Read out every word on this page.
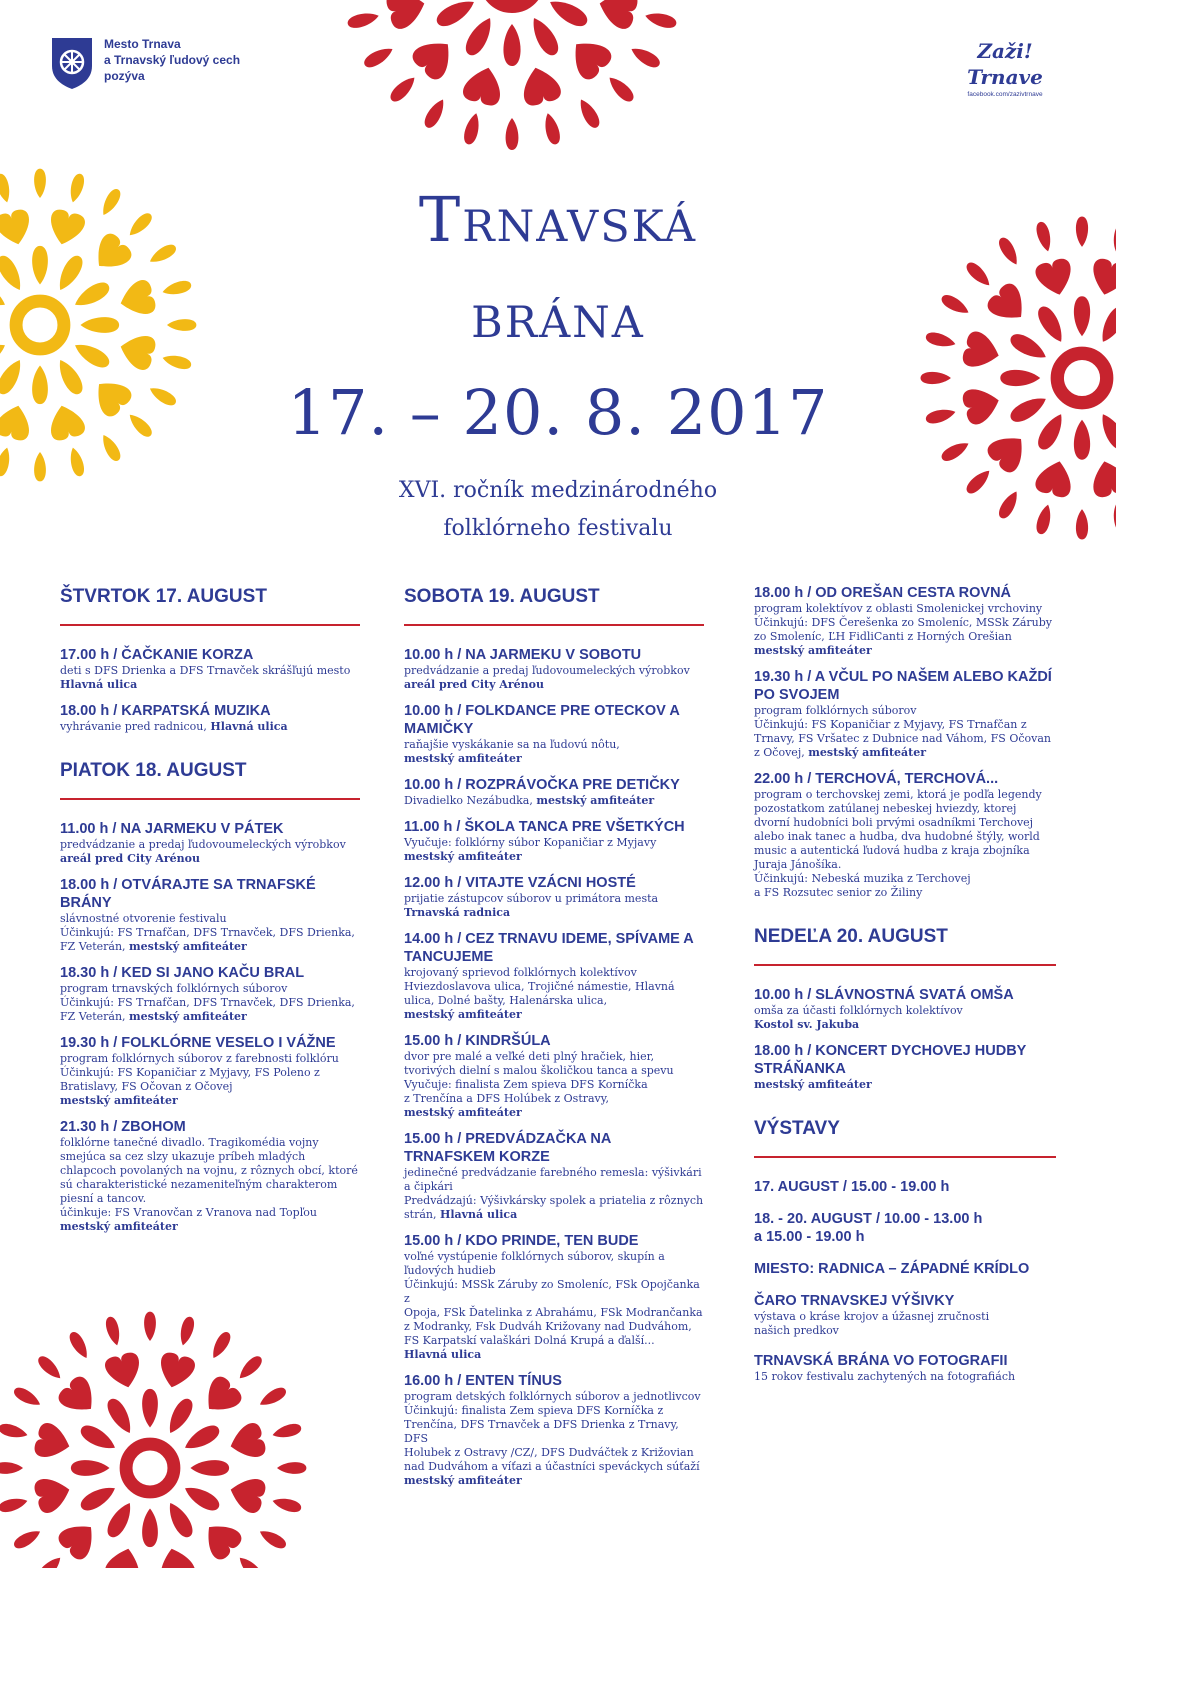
Mesto Trnava
a Trnavský ľudový cech
pozýva
Zaži!
Trnave
facebook.com/zazivtrnave
Trnavská
brána
17. – 20. 8. 2017
XVI. ročník medzinárodného
folklórneho festivalu
ŠTVRTOK 17. AUGUST
17.00 h / ČAČKANIE KORZA
deti s DFS Drienka a DFS Trnavček skrášľujú mesto
Hlavná ulica
18.00 h / KARPATSKÁ MUZIKA
vyhrávanie pred radnicou, Hlavná ulica
PIATOK 18. AUGUST
11.00 h / NA JARMEKU V PÁTEK
predvádzanie a predaj ľudovoumeleckých výrobkov
areál pred City Arénou
18.00 h / OTVÁRAJTE SA TRNAFSKÉ BRÁNY
slávnostné otvorenie festivalu
Účinkujú: FS Trnafčan, DFS Trnavček, DFS Drienka,
FZ Veterán, mestský amfiteáter
18.30 h / KED SI JANO KAČU BRAL
program trnavských folklórnych súborov
Účinkujú: FS Trnafčan, DFS Trnavček, DFS Drienka,
FZ Veterán, mestský amfiteáter
19.30 h / FOLKLÓRNE VESELO I VÁŽNE
program folklórnych súborov z farebnosti folklóru
Účinkujú: FS Kopaničiar z Myjavy, FS Poleno z
Bratislavy, FS Očovan z Očovej
mestský amfiteáter
21.30 h / ZBOHOM
folklórne tanečné divadlo. Tragikomédia vojny
smejúca sa cez slzy ukazuje príbeh mladých
chlapcoch povolaných na vojnu, z rôznych obcí, ktoré
sú charakteristické nezameniteľným charakterom
piesní a tancov.
účinkuje: FS Vranovčan z Vranova nad Topľou
mestský amfiteáter
SOBOTA 19. AUGUST
10.00 h / NA JARMEKU V SOBOTU
predvádzanie a predaj ľudovoumeleckých výrobkov
areál pred City Arénou
10.00 h / FOLKDANCE PRE OTECKOV A MAMIČKY
raňajšie vyskákanie sa na ľudovú nôtu,
mestský amfiteáter
10.00 h / ROZPRÁVOČKA PRE DETIČKY
Divadielko Nezábudka, mestský amfiteáter
11.00 h / ŠKOLA TANCA PRE VŠETKÝCH
Vyučuje: folklórny súbor Kopaničiar z Myjavy
mestský amfiteáter
12.00 h / VITAJTE VZÁCNI HOSTÉ
prijatie zástupcov súborov u primátora mesta
Trnavská radnica
14.00 h / CEZ TRNAVU IDEME, SPÍVAME A TANCUJEME
krojovaný sprievod folklórnych kolektívov
Hviezdoslavova ulica, Trojičné námestie, Hlavná
ulica, Dolné bašty, Halenárska ulica,
mestský amfiteáter
15.00 h / KINDRŠÚLA
dvor pre malé a veľké deti plný hračiek, hier,
tvorivých dielní s malou školičkou tanca a spevu
Vyučuje: finalista Zem spieva DFS Korníčka
z Trenčína a DFS Holúbek z Ostravy,
mestský amfiteáter
15.00 h / PREDVÁDZAČKA NA TRNAFSKEM KORZE
jedinečné predvádzanie farebného remesla: výšivkári
a čipkári
Predvádzajú: Výšivkársky spolek a priatelia z rôznych
strán, Hlavná ulica
15.00 h / KDO PRINDE, TEN BUDE
voľné vystúpenie folklórnych súborov, skupín a
ľudových hudieb
Účinkujú: MSSk Záruby zo Smoleníc, FSk Opojčanka z
Opoja, FSk Ďatelinka z Abrahámu, FSk Modrančanka
z Modranky, Fsk Dudváh Križovany nad Dudváhom,
FS Karpatskí valaškári Dolná Krupá a ďalší...
Hlavná ulica
16.00 h / ENTEN TÍNUS
program detských folklórnych súborov a jednotlivcov
Účinkujú: finalista Zem spieva DFS Korníčka z
Trenčína, DFS Trnavček a DFS Drienka z Trnavy, DFS
Holubek z Ostravy /CZ/, DFS Dudváčtek z Križovian
nad Dudváhom a víťazi a účastníci speváckych súťaží
mestský amfiteáter
18.00 h / OD OREŠAN CESTA ROVNÁ
program kolektívov z oblasti Smolenickej vrchoviny
Účinkujú: DFS Čerešenka zo Smoleníc, MSSk Záruby
zo Smoleníc, ĽH FidliCanti z Horných Orešian
mestský amfiteáter
19.30 h / A VČUL PO NAŠEM ALEBO KAŽDÍ PO SVOJEM
program folklórnych súborov
Účinkujú: FS Kopaničiar z Myjavy, FS Trnafčan z
Trnavy, FS Vršatec z Dubnice nad Váhom, FS Očovan
z Očovej, mestský amfiteáter
22.00 h / TERCHOVÁ, TERCHOVÁ...
program o terchovskej zemi, ktorá je podľa legendy
pozostatkom zatúlanej nebeskej hviezdy, ktorej
dvorní hudobníci boli prvými osadníkmi Terchovej
alebo inak tanec a hudba, dva hudobné štýly, world
music a autentická ľudová hudba z kraja zbojníka
Juraja Jánošíka.
Účinkujú: Nebeská muzika z Terchovej
a FS Rozsutec senior zo Žiliny
NEDEĽA 20. AUGUST
10.00 h / SLÁVNOSTNÁ SVATÁ OMŠA
omša za účasti folklórnych kolektívov
Kostol sv. Jakuba
18.00 h / KONCERT DYCHOVEJ HUDBY STRÁŇANKA
mestský amfiteáter
VÝSTAVY
17. AUGUST / 15.00 - 19.00 h
18. - 20. AUGUST / 10.00 - 13.00 h
a 15.00 - 19.00 h
MIESTO: RADNICA – ZÁPADNÉ KRÍDLO
ČARO TRNAVSKEJ VÝŠIVKY
výstava o kráse krojov a úžasnej zručnosti
našich predkov
TRNAVSKÁ BRÁNA VO FOTOGRAFII
15 rokov festivalu zachytených na fotografiách
